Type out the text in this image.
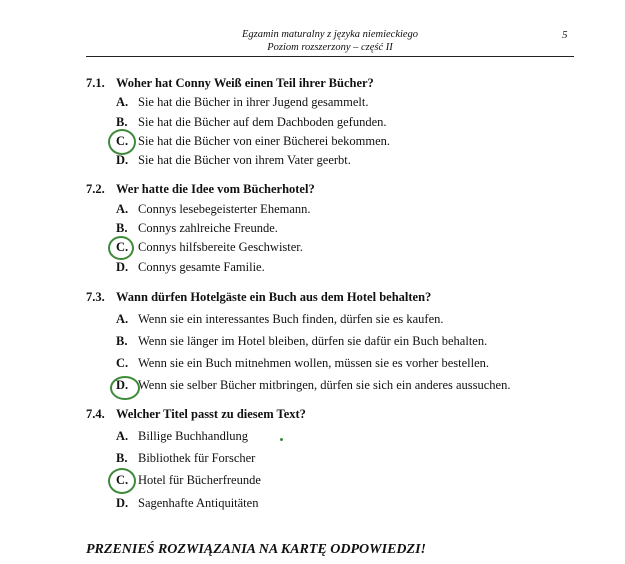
Egzamin maturalny z języka niemieckiego
Poziom rozszerzony – część II
5
7.1. Woher hat Conny Weiß einen Teil ihrer Bücher?
A. Sie hat die Bücher in ihrer Jugend gesammelt.
B. Sie hat die Bücher auf dem Dachboden gefunden.
C. Sie hat die Bücher von einer Bücherei bekommen.
D. Sie hat die Bücher von ihrem Vater geerbt.
7.2. Wer hatte die Idee vom Bücherhotel?
A. Connys lesebegeisterter Ehemann.
B. Connys zahlreiche Freunde.
C. Connys hilfsbereite Geschwister.
D. Connys gesamte Familie.
7.3. Wann dürfen Hotelgäste ein Buch aus dem Hotel behalten?
A. Wenn sie ein interessantes Buch finden, dürfen sie es kaufen.
B. Wenn sie länger im Hotel bleiben, dürfen sie dafür ein Buch behalten.
C. Wenn sie ein Buch mitnehmen wollen, müssen sie es vorher bestellen.
D. Wenn sie selber Bücher mitbringen, dürfen sie sich ein anderes aussuchen.
7.4. Welcher Titel passt zu diesem Text?
A. Billige Buchhandlung
B. Bibliothek für Forscher
C. Hotel für Bücherfreunde
D. Sagenhafte Antiquitäten
PRZENIEŚ ROZWIĄZANIA NA KARTĘ ODPOWIEDZI!
